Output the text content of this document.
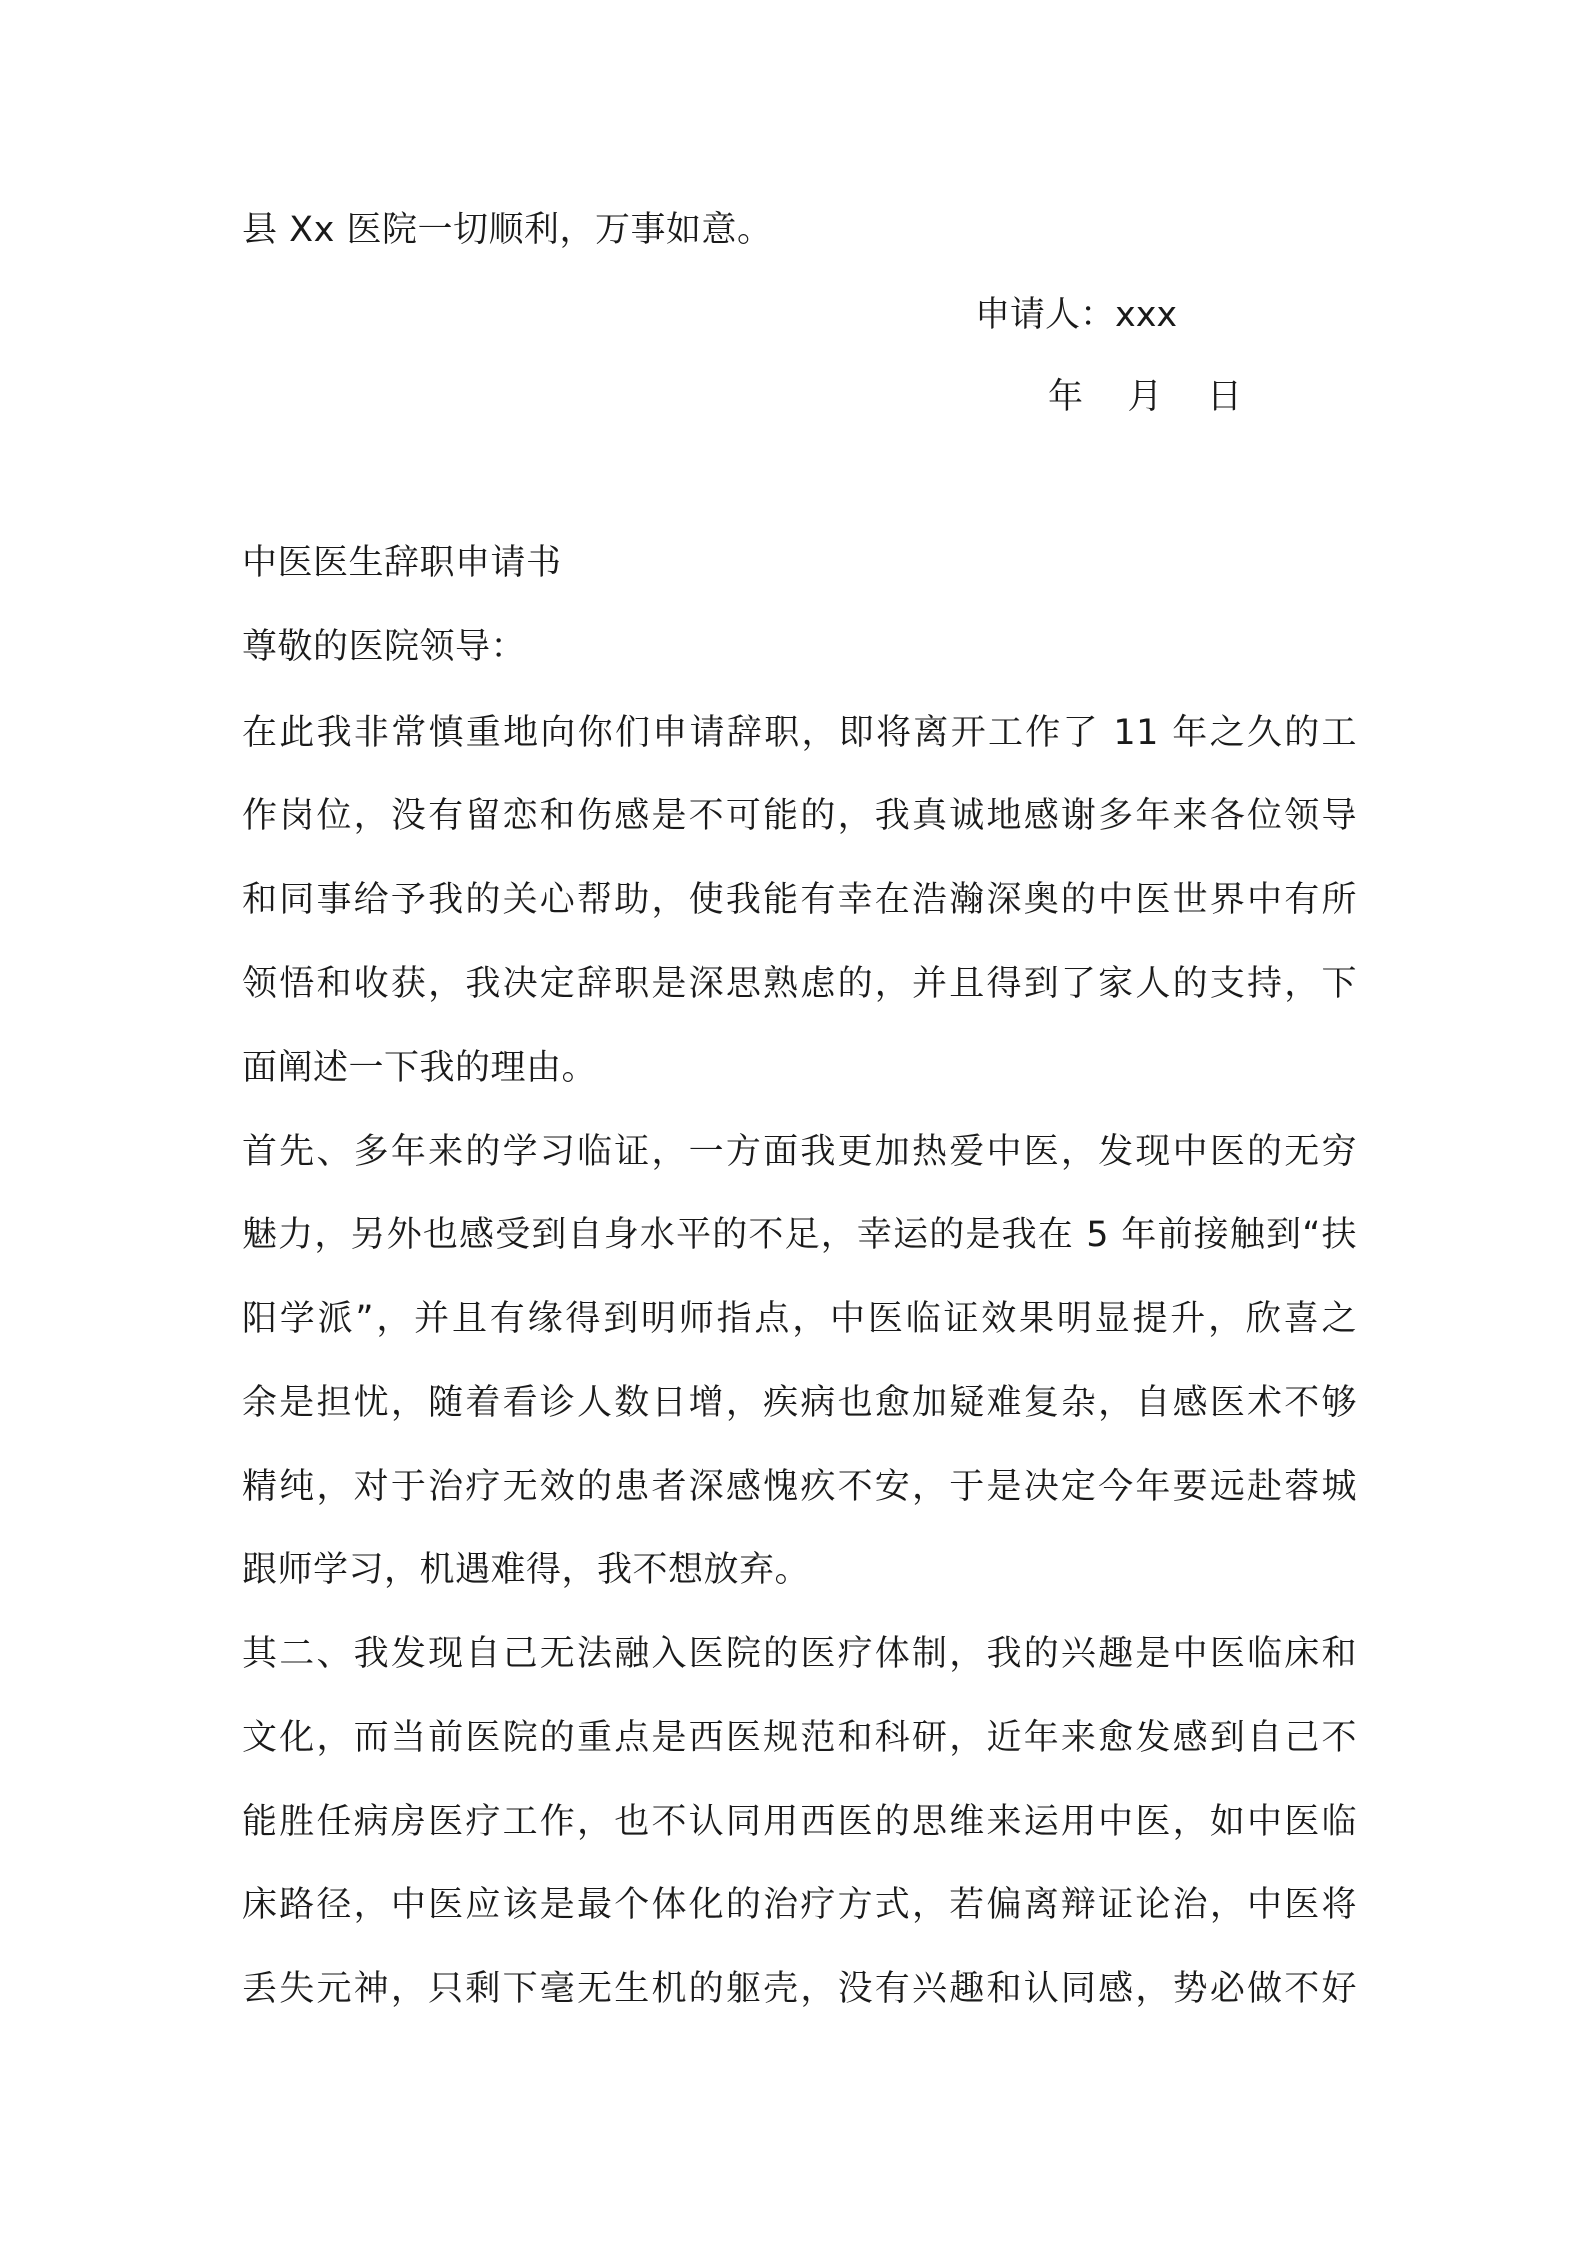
县 Xx 医院一切顺利，万事如意。
申请人：xxx
年    月    日
中医医生辞职申请书
尊敬的医院领导：
在此我非常慎重地向你们申请辞职，即将离开工作了 11 年之久的工
作岗位，没有留恋和伤感是不可能的，我真诚地感谢多年来各位领导
和同事给予我的关心帮助，使我能有幸在浩瀚深奥的中医世界中有所
领悟和收获，我决定辞职是深思熟虑的，并且得到了家人的支持，下
面阐述一下我的理由。
首先、多年来的学习临证，一方面我更加热爱中医，发现中医的无穷
魅力，另外也感受到自身水平的不足，幸运的是我在 5 年前接触到“扶
阳学派”，并且有缘得到明师指点，中医临证效果明显提升，欣喜之
余是担忧，随着看诊人数日增，疾病也愈加疑难复杂，自感医术不够
精纯，对于治疗无效的患者深感愧疚不安，于是决定今年要远赴蓉城
跟师学习，机遇难得，我不想放弃。
其二、我发现自己无法融入医院的医疗体制，我的兴趣是中医临床和
文化，而当前医院的重点是西医规范和科研，近年来愈发感到自己不
能胜任病房医疗工作，也不认同用西医的思维来运用中医，如中医临
床路径，中医应该是最个体化的治疗方式，若偏离辩证论治，中医将
丢失元神，只剩下毫无生机的躯壳，没有兴趣和认同感，势必做不好
